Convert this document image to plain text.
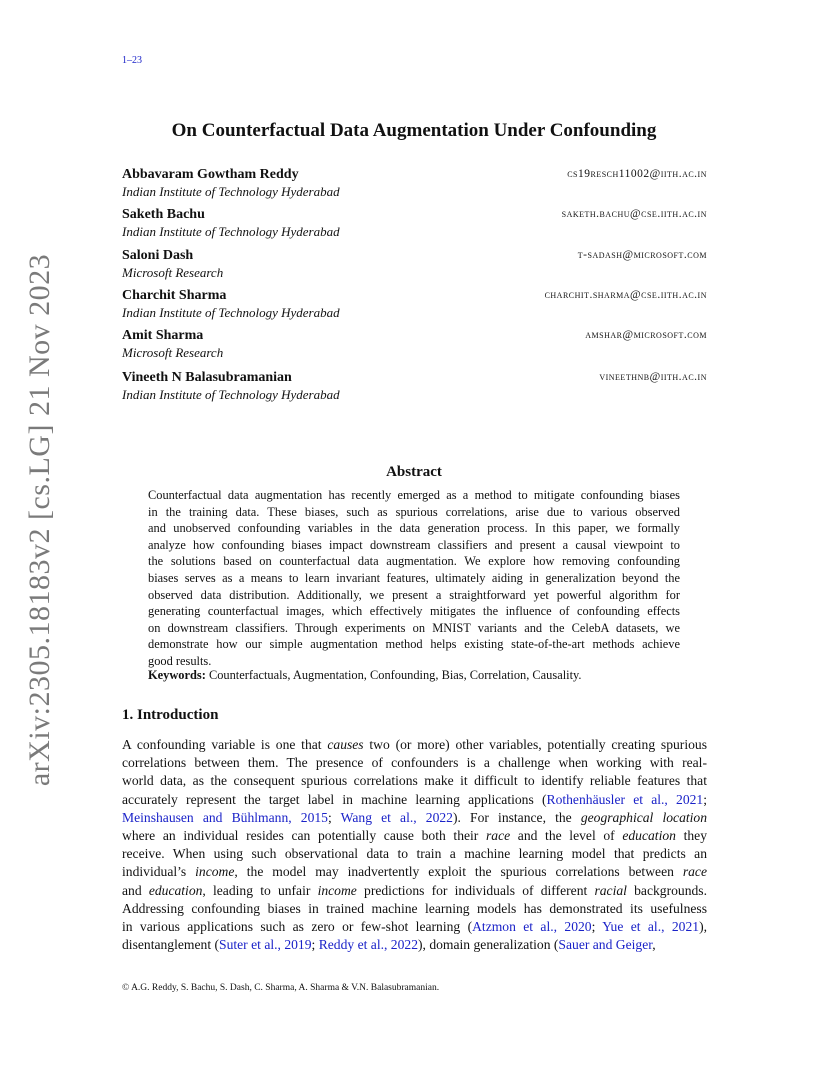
1–23
arXiv:2305.18183v2 [cs.LG] 21 Nov 2023
On Counterfactual Data Augmentation Under Confounding
Abbavaram Gowtham Reddy
Indian Institute of Technology Hyderabad
cs19resch11002@iith.ac.in
Saketh Bachu
Indian Institute of Technology Hyderabad
saketh.bachu@cse.iith.ac.in
Saloni Dash
Microsoft Research
t-sadash@microsoft.com
Charchit Sharma
Indian Institute of Technology Hyderabad
charchit.sharma@cse.iith.ac.in
Amit Sharma
Microsoft Research
amshar@microsoft.com
Vineeth N Balasubramanian
Indian Institute of Technology Hyderabad
vineethnb@iith.ac.in
Abstract
Counterfactual data augmentation has recently emerged as a method to mitigate confounding biases
in the training data. These biases, such as spurious correlations, arise due to various observed
and unobserved confounding variables in the data generation process. In this paper, we formally
analyze how confounding biases impact downstream classifiers and present a causal viewpoint to
the solutions based on counterfactual data augmentation. We explore how removing confounding
biases serves as a means to learn invariant features, ultimately aiding in generalization beyond the
observed data distribution. Additionally, we present a straightforward yet powerful algorithm for
generating counterfactual images, which effectively mitigates the influence of confounding effects
on downstream classifiers. Through experiments on MNIST variants and the CelebA datasets, we
demonstrate how our simple augmentation method helps existing state-of-the-art methods achieve
good results.
Keywords: Counterfactuals, Augmentation, Confounding, Bias, Correlation, Causality.
1. Introduction
A confounding variable is one that causes two (or more) other variables, potentially creating spurious
correlations between them. The presence of confounders is a challenge when working with real-
world data, as the consequent spurious correlations make it difficult to identify reliable features that
accurately represent the target label in machine learning applications (Rothenhäusler et al., 2021;
Meinshausen and Bühlmann, 2015; Wang et al., 2022). For instance, the geographical location
where an individual resides can potentially cause both their race and the level of education they
receive. When using such observational data to train a machine learning model that predicts an
individual’s income, the model may inadvertently exploit the spurious correlations between race
and education, leading to unfair income predictions for individuals of different racial backgrounds.
Addressing confounding biases in trained machine learning models has demonstrated its usefulness
in various applications such as zero or few-shot learning (Atzmon et al., 2020; Yue et al., 2021),
disentanglement (Suter et al., 2019; Reddy et al., 2022), domain generalization (Sauer and Geiger,
© A.G. Reddy, S. Bachu, S. Dash, C. Sharma, A. Sharma & V.N. Balasubramanian.
